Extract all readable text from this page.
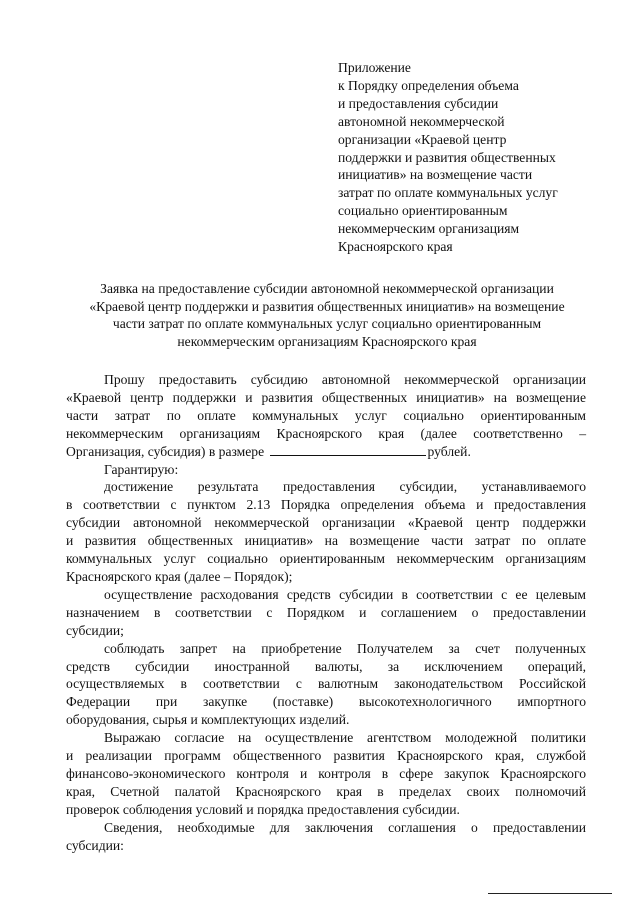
Приложение
к Порядку определения объема
и предоставления субсидии
автономной некоммерческой
организации «Краевой центр
поддержки и развития общественных
инициатив» на возмещение части
затрат по оплате коммунальных услуг
социально ориентированным
некоммерческим организациям
Красноярского края
Заявка на предоставление субсидии автономной некоммерческой организации
«Краевой центр поддержки и развития общественных инициатив» на возмещение
части затрат по оплате коммунальных услуг социально ориентированным
некоммерческим организациям Красноярского края
Прошу предоставить субсидию автономной некоммерческой организации
«Краевой центр поддержки и развития общественных инициатив» на возмещение
части затрат по оплате коммунальных услуг социально ориентированным
некоммерческим организациям Красноярского края (далее соответственно –
Организация, субсидия) в размере	рублей.
Гарантирую:
достижение результата предоставления субсидии, устанавливаемого
в соответствии с пунктом 2.13 Порядка определения объема и предоставления
субсидии автономной некоммерческой организации «Краевой центр поддержки
и развития общественных инициатив» на возмещение части затрат по оплате
коммунальных услуг социально ориентированным некоммерческим организациям
Красноярского края (далее – Порядок);
осуществление расходования средств субсидии в соответствии с ее целевым
назначением в соответствии с Порядком и соглашением о предоставлении
субсидии;
соблюдать запрет на приобретение Получателем за счет полученных
средств субсидии иностранной валюты, за исключением операций,
осуществляемых в соответствии с валютным законодательством Российской
Федерации при закупке (поставке) высокотехнологичного импортного
оборудования, сырья и комплектующих изделий.
Выражаю согласие на осуществление агентством молодежной политики
и реализации программ общественного развития Красноярского края, службой
финансово-экономического контроля и контроля в сфере закупок Красноярского
края, Счетной палатой Красноярского края в пределах своих полномочий
проверок соблюдения условий и порядка предоставления субсидии.
Сведения, необходимые для заключения соглашения о предоставлении
субсидии:
